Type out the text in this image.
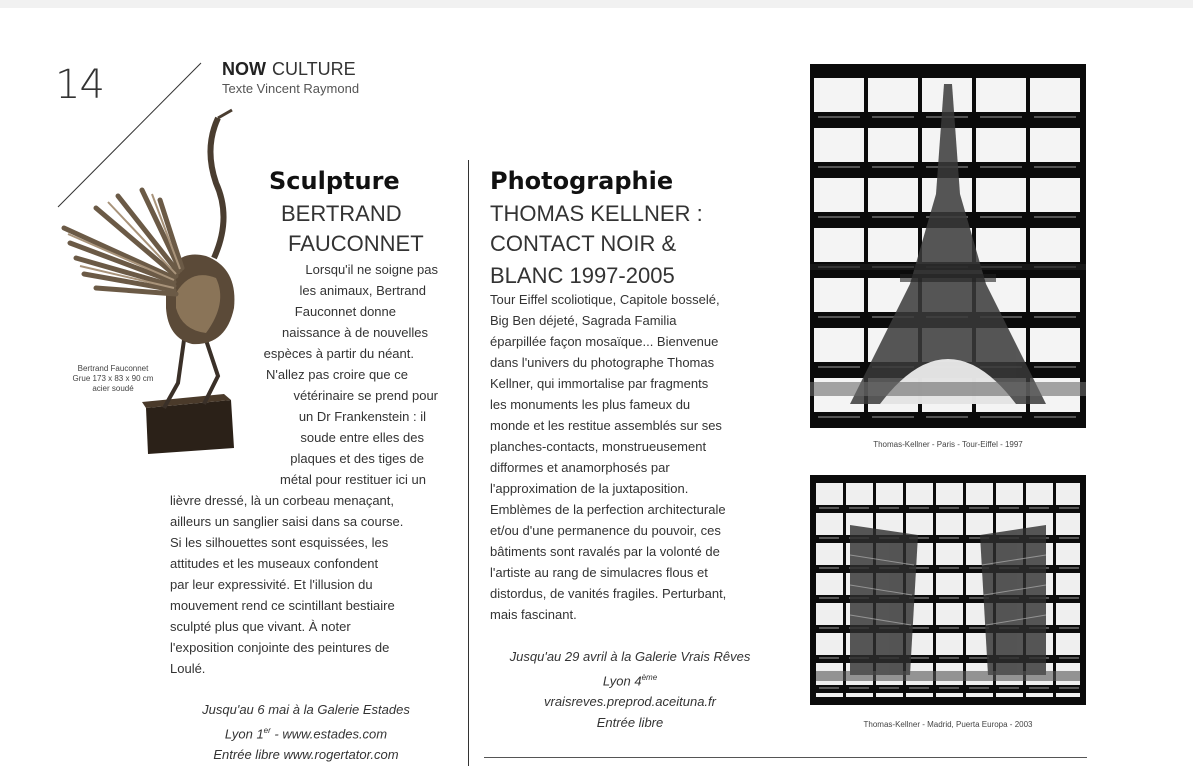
14	NOW CULTURE
Texte Vincent Raymond
Bertrand Fauconnet
Grue 173 x 83 x 90 cm
acier soudé
Sculpture
BERTRAND
FAUCONNET
Lorsqu'il ne soigne pas
les animaux, Bertrand
Fauconnet donne
naissance à de nouvelles
espèces à partir du néant.
N'allez pas croire que ce
vétérinaire se prend pour
un Dr Frankenstein : il
soude entre elles des
plaques et des tiges de
métal pour restituer ici un
lièvre dressé, là un corbeau menaçant,
ailleurs un sanglier saisi dans sa course.
Si les silhouettes sont esquissées, les
attitudes et les museaux confondent
par leur expressivité. Et l'illusion du
mouvement rend ce scintillant bestiaire
sculpté plus que vivant. À noter
l'exposition conjointe des peintures de
Loulé.
Jusqu'au 6 mai à la Galerie Estades
Lyon 1er - www.estades.com
Entrée libre www.rogertator.com
Photographie
THOMAS KELLNER :
CONTACT NOIR &
BLANC 1997-2005
Tour Eiffel scoliotique, Capitole bosselé,
Big Ben déjeté, Sagrada Familia
éparpillée façon mosaïque... Bienvenue
dans l'univers du photographe Thomas
Kellner, qui immortalise par fragments
les monuments les plus fameux du
monde et les restitue assemblés sur ses
planches-contacts, monstrueusement
difformes et anamorphosés par
l'approximation de la juxtaposition.
Emblèmes de la perfection architecturale
et/ou d'une permanence du pouvoir, ces
bâtiments sont ravalés par la volonté de
l'artiste au rang de simulacres flous et
distordus, de vanités fragiles. Perturbant,
mais fascinant.
Jusqu'au 29 avril à la Galerie Vrais Rêves
Lyon 4ème
vraisreves.preprod.aceituna.fr
Entrée libre
Thomas-Kellner - Paris - Tour-Eiffel - 1997
Thomas-Kellner - Madrid, Puerta Europa - 2003
